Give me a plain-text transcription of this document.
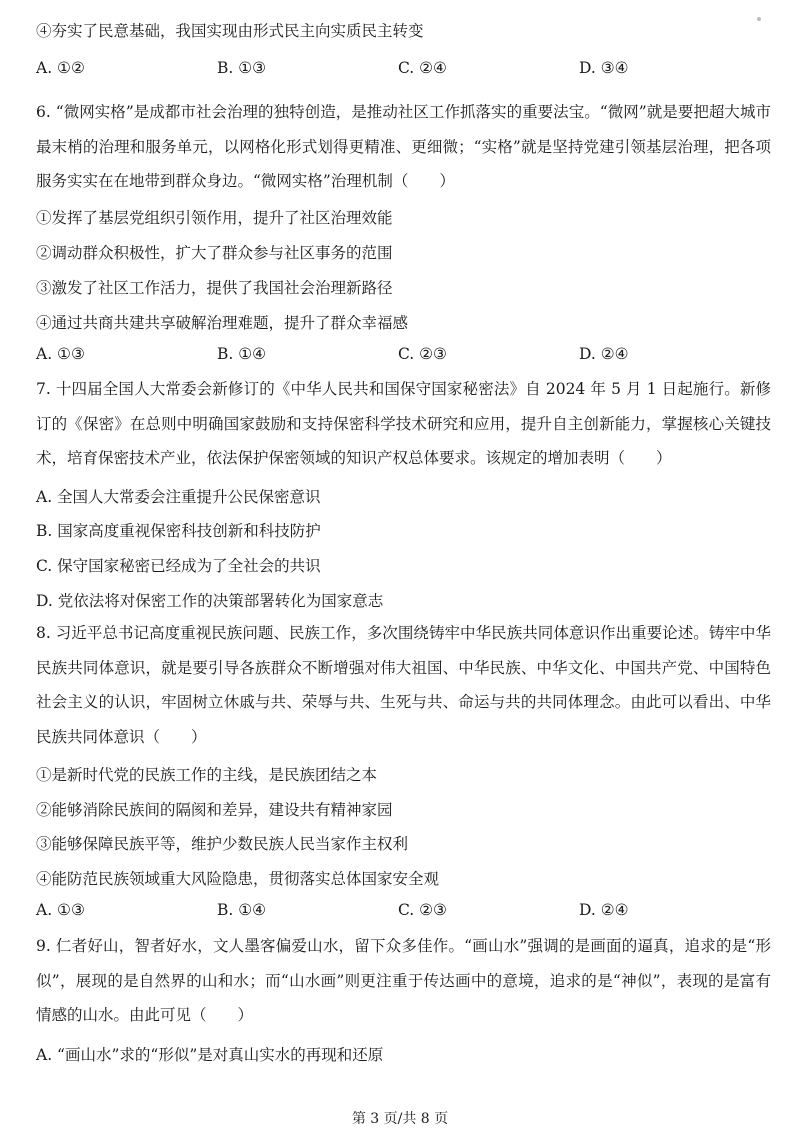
④夯实了民意基础，我国实现由形式民主向实质民主转变
A. ①②	B. ①③	C. ②④	D. ③④
6. “微网实格”是成都市社会治理的独特创造，是推动社区工作抓落实的重要法宝。“微网”就是要把超大城市最末梢的治理和服务单元，以网格化形式划得更精准、更细微；“实格”就是坚持党建引领基层治理，把各项服务实实在在地带到群众身边。“微网实格”治理机制（　　）
①发挥了基层党组织引领作用，提升了社区治理效能
②调动群众积极性，扩大了群众参与社区事务的范围
③激发了社区工作活力，提供了我国社会治理新路径
④通过共商共建共享破解治理难题，提升了群众幸福感
A. ①③	B. ①④	C. ②③	D. ②④
7. 十四届全国人大常委会新修订的《中华人民共和国保守国家秘密法》自 2024 年 5 月 1 日起施行。新修订的《保密》在总则中明确国家鼓励和支持保密科学技术研究和应用，提升自主创新能力，掌握核心关键技术，培育保密技术产业，依法保护保密领域的知识产权总体要求。该规定的增加表明（　　）
A. 全国人大常委会注重提升公民保密意识
B. 国家高度重视保密科技创新和科技防护
C. 保守国家秘密已经成为了全社会的共识
D. 党依法将对保密工作的决策部署转化为国家意志
8. 习近平总书记高度重视民族问题、民族工作，多次围绕铸牢中华民族共同体意识作出重要论述。铸牢中华民族共同体意识，就是要引导各族群众不断增强对伟大祖国、中华民族、中华文化、中国共产党、中国特色社会主义的认识，牢固树立休戚与共、荣辱与共、生死与共、命运与共的共同体理念。由此可以看出、中华民族共同体意识（　　）
①是新时代党的民族工作的主线，是民族团结之本
②能够消除民族间的隔阂和差异，建设共有精神家园
③能够保障民族平等，维护少数民族人民当家作主权利
④能防范民族领域重大风险隐患，贯彻落实总体国家安全观
A. ①③	B. ①④	C. ②③	D. ②④
9. 仁者好山，智者好水，文人墨客偏爱山水，留下众多佳作。“画山水”强调的是画面的逼真，追求的是“形似”，展现的是自然界的山和水；而“山水画”则更注重于传达画中的意境，追求的是“神似”，表现的是富有情感的山水。由此可见（　　）
A. “画山水”求的“形似”是对真山实水的再现和还原
第 3 页/共 8 页
